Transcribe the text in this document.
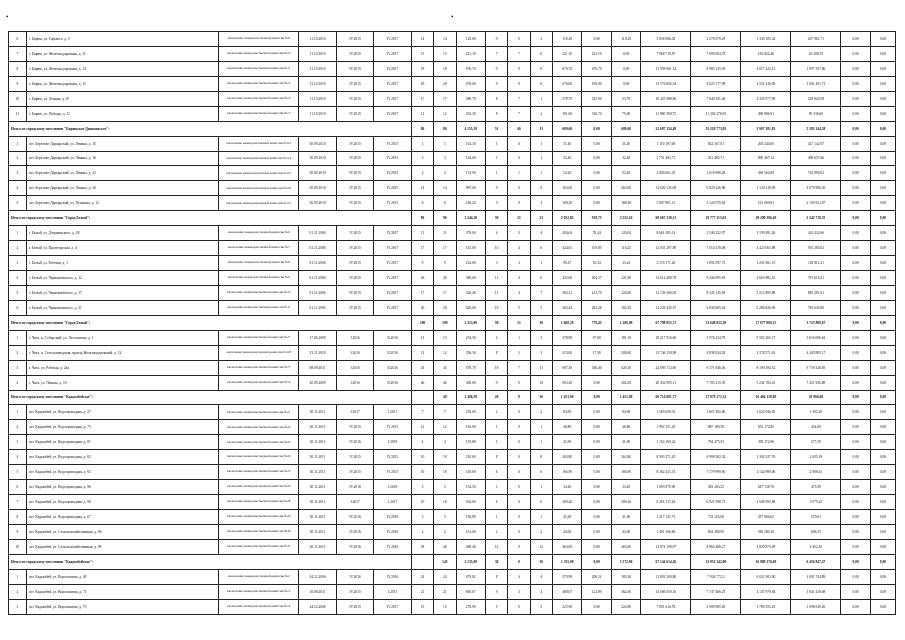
•	•
6	г. Бирюк, ул. Горького, д. 5	заключение межведомственной комиссии №8	11.10.2010	IV.2015	IV.2017	14	14	125,00	9	0	4	118,20	0,00	118,20	5 838 366,02	2 270 079,29	1 330 105,32	267 961,71	0,00	0,00
7	г. Бирюк, ул. Железнодорожная, д. 11	заключение межведомственной комиссии №10	11.10.2010	IV.2015	IV.2017	15	15	221,10	7	7	0	221,10	221,10	0,00	7 868 710,87	7 699 004,78	165 822,46	43 208,55	0,00	0,00
8	г. Бирюк, ул. Железнодорожная, д. 14	заключение межведомственной комиссии №11	11.10.2010	IV.2015	IV.2017	18	18	676,70	9	9	0	676,70	676,70	0,00	13 939 061,34	8 983 125,03	4 017 423,13	1 097 557,86	0,00	0,00
9	г. Бирюк, ул. Железнодорожная, д. 15	заключение межведомственной комиссии №12	11.10.2010	IV.2015	IV.2017	29	29	676,00	9	9	0	676,00	676,00	0,00	13 576 065,34	8 023 177,98	4 551 416,00	1 001 491,71	0,00	0,00
10	г. Бирюк, ул. Ленина, д. 67	заключение межведомственной комиссии №13	11.10.2010	IV.2015	IV.2017	17	17	380,70	8	7	1	378,70	325,00	53,70	10 425 388,96	7 640 531,48	4 325 977,99	228 820,58	0,00	0,00
11	г. Бирюк, ул. Победы, д. 21	заключение межведомственной комиссии №17	11.10.2010	IV.2015	IV.2017	12	12	333,30	8	7	2	391,00	316,70	75,00	11 860 390,75	11 302 276,95	490 886,91	95 336,60	0,00	0,00
Итого по городскому поселению "Бирюкское Даниловское":						86	86	4 155,10	51	46	13	609,60	0,00	609,60	22 697 134,49	52 218 773,05	2 907 181,81	2 582 144,38	0,00	0,00
1	пгт. Березово-Дарьярский, ул. Ленина, д. 15	заключение межведомственной комиссии №112	30.09.2010	IV.2015	IV.2015	1	1	102,10	1	0	1	31,40	0,00	31,40	1 110 197,68	822 367,01	205 244,06	427 142,97	0,00	0,00
2	пгт. Березово-Дарьярский, ул. Ленина, д. 16	заключение межведомственной комиссии №114	30.09.2010	IV.2015	IV.2015	3	3	164,00	1	0	1	32,40	0,00	32,40	1 751 483,71	451 482,71	890 467,14	408 637,66	0,00	0,00
3	пгт. Березово-Дарьярский, ул. Ленина, д. 22	заключение межведомственной комиссии №115	30.09.2010	IV.2015	IV.2015	2	2	174,90	1	1	1	54,20	0,00	54,20	2 904 661,03	1 618 890,28	369 564,09	762 990,02	0,00	0,00
4	пгт. Березово-Дарьярский, ул. Ленина, д. 26	заключение межведомственной комиссии №116	30.09.2010	IV.2015	IV.2015	14	14	987,00	9	0	9	363,60	0,00	363,60	12 620 125,69	6 820 226,98	1 120 418,09	4 679 980,26	0,00	0,00
5	пгт. Березово-Дарьярский, ул. Пушкина, д. 12	заключение межведомственной комиссии №117	30.09.2010	IV.2015	IV.2015	6	6	236,20	3	0	3	168,30	0,00	168,30	5 807 801,15	3 124 070,82	513 069,81	2 130 921,87	0,00	0,00
Итого по городскому поселению "Город Белый":						96	96	2 244,20	59	21	23	2 052,82	918,75	2 552,16	60 667 230,13	29 777 113,02	29 290 396,49	2 342 718,35	0,00	0,00
1	г. Белый, ул. Дзержинского, д. 28	заключение межведомственной комиссии №6	01.11.2006	IV.2015	IV.2017	11	11	378,00	6	2	4	204,64	78,44	120,04	8 661 505,14	3 546 322,97	3 199 481,26	424 432,66	0,00	0,00
2	г. Белый, ул. Пролетарская, д. 4	заключение межведомственной комиссии №7	01.11.2006	IV.2015	IV.2017	17	17	315,00	10	4	6	324,61	105,85	116,25	12 031 297,88	7 014 478,48	4 425 063,88	591 385,02	0,00	0,00
3	г. Белый, ул. Рабочая, д. 1	заключение межведомственной комиссии №8	01.11.2006	IV.2015	IV.2017	9	9	232,00	3	2	1	98,47	35,34	23,24	2 374 171,26	1 092 597,73	1 251 661,19	118 811,21	0,00	0,00
4	г. Белый, ул. Чернышевского, д. 12	заключение межведомственной комиссии №9	01.11.2006	IV.2015	IV.2017	26	26	380,00	11	4	6	425,60	204,37	221,00	14 614 480,78	9 436 695,83	4 663 881,41	791 618,41	0,00	0,00
5	г. Белый, ул. Чернышевского, д. 17	заключение межведомственной комиссии №10	01.11.2006	IV.2015	IV.2017	17	17	326,40	11	4	7	382,21	141,70	124,80	14 136 366,03	8 345 145,58	5 212 895,88	883 281,61	0,00	0,00
6	г. Белый, ул. Чернышевского, д. 21	заключение межведомственной комиссии №11	01.11.2006	IV.2015	IV.2017	20	20	620,00	10	5	5	383,44	202,28	182,20	14 229 345,37	6 836 605,02	5 286 826,96	781 645,80	0,00	0,00
Итого по городскому поселению "Город Белый":						100	100	2 315,00	58	21	30	1 668,28	779,45	1 206,09	67 798 853,71	33 648 825,30	17 077 000,15	3 723 880,67	0,00	0,00
1	г. Чита, п. Собарский, ул. Лесопилова, д. 1	заключение межведомственной комиссии №27	17.06.2009	I.2016	II.2016	13	13	254,50	4	1	3	278,90	97,80	181,10	10 217 916,60	3 976 234,78	5 502 265,17	3 616 006,64	0,00	0,00
2	г. Чита, п. Стеклозаводская, проезд Железнодорожный, д. 22	заключение межведомственной комиссии №118	23.11.2010	I.2016	II.2016	12	12	356,30	8	1	3	213,00	17,90	208,60	13 746 150,98	4 838 934,02	3 378 571,61	4 443 885,17	0,00	0,00
3	г. Чита, ул. Рабочая, д. 24а	заключение межведомственной комиссии №73	08.09.2011	I.2016	II.2016	45	45	678,70	18	7	11	907,30	356,40	520,10	24 095 712,60	6 171 846,46	8 199 494,52	9 739 326,85	0,00	0,00
4	г. Чита, ул. Ленина, д. 10	заключение межведомственной комиссии №74	20.09.2009	I.2016	II.2016	46	46	300,00	9	0	16	903,20	0,00	302,00	20 432 905,11	7 703 219,39	5 232 784,41	7 451 926,88	0,00	0,00
Итого по городскому поселению "Кадымбейское":							49	2 496,38	26	9	26	1 451,00	0,00	1 451,00	66 714 681,71	27 870 171,32	16 466 138,06	20 966,60	0,00	0,00
1	пгт. Кадымбей, ул. Водопроводная, д. 27	заключение межведомственной комиссии №21	30.11.2011	I.2017	I.2017	7	7	255,60	2	0	2	84,90	0,00	84,90	1 565 658,33	1 607 465,80	1 022 946,95	1 305,20	0,00	0,00
2	пгт. Кадымбей, ул. Водопроводная, д. 75	заключение межведомственной комиссии №22	30.11.2011	IV.2015	IV.2015	12	12	182,90	1	0	1	46,80	0,00	46,80	1 992 151,20	887 180,58	652 172,85	434,60	0,00	0,00
3	пгт. Кадымбей, ул. Водопроводная, д. 81	заключение межведомственной комиссии №23	30.11.2011	IV.2016	I.2018	4	4	155,80	1	0	1	41,90	0,00	41,90	1 154 169,24	794 475,53	359 272,96	577,29	0,00	0,00
4	пгт. Кадымбей, ул. Водопроводная, д. 82	заключение межведомственной комиссии №24	30.11.2011	IV.2015	IV.2015	10	10	310,60	8	0	8	263,80	0,00	263,80	8 593 271,45	6 908 282,32	1 302 527,76	2 655,39	0,00	0,00
5	пгт. Кадымбей, ул. Водопроводная, д. 92	заключение межведомственной комиссии №25	30.11.2011	IV.2015	IV.2015	10	10	310,60	6	0	6	166,90	0,00	166,90	8 362 211,53	7 179 999,60	2 142 989,00	2 908,61	0,00	0,00
6	пгт. Кадымбей, ул. Водопроводная, д. 96	заключение межведомственной комиссии №26	30.11.2011	IV.2016	I.2018	5	5	154,50	1	0	1	34,40	0,00	34,40	1 093 970,00	403 263,25	647 728,76	473,90	0,00	0,00
7	пгт. Кадымбей, ул. Водопроводная, д. 98	заключение межведомственной комиссии №28	30.11.2011	I.2017	I.2017	10	10	354,60	6	0	6	209,26	0,00	209,26	8 281 317,63	6 921 998,72	2 946 593,68	3 075,25	0,00	0,00
8	пгт. Кадымбей, ул. Водопроводная, д. 67	заключение межведомственной комиссии №29	30.11.2011	IV.2016	IV.2016	3	3	156,80	1	0	1	41,60	0,00	41,60	1 217 125,71	732 165,00	337 966,62	570,61	0,00	0,00
9	пгт. Кадымбей, ул. Сельскохозяйственная, д. 96	заключение межведомственной комиссии №30	30.11.2011	IV.2016	IV.2016	2	2	161,00	2	0	2	44,00	0,00	44,00	1 401 166,60	834 380,90	560 280,10	606,15	0,00	0,00
10	пгт. Кадымбей, ул. Сельскохозяйственная, д. 98	заключение межведомственной комиссии №31	30.11.2011	IV.2016	IV.2016	28	28	468,40	12	0	12	463,60	0,00	463,60	14 974 198,97	8 864 408,27	4 820 873,09	4 452,45	0,00	0,00
Итого по городскому поселению "Кадымбейское":							145	2 135,00	30	0	30	1 355,00	0,00	1 572,06	67 144 614,26	32 852 342,00	16 880 176,00	6 456 847,47	0,00	0,00
1	пгт. Кадымбей, ул. Ворошилова, д. 49	заключение межведомственной комиссии №2	24.12.2006	IV.2016	IV.2016	24	24	679,82	8	4	4	379,98	206,21	183,30	13 891 500,80	7 926 772,3	6 021 902,00	1 001 744,89	0,00	0,00
2	пгт. Кадымбей, ул. Ворошилова, д. 71	заключение межведомственной комиссии №15	10.08.2011	IV.2015	I.2015	21	21	685,67	9	3	4	480,07	122,99	362,60	14 006 550,16	7 747 466,25	4 147 979,84	1 041 410,68	0,00	0,00
3	пгт. Кадымбей, ул. Ворошилова, д. 73	заключение межведомственной комиссии №16	24.12.2006	IV.2015	IV.2017	15	15	278,90	5	0	5	225,90	0,00	224,90	7 801 616,78	3 909 985,20	1 780 355,23	1 098 630,26	0,00	0,00
